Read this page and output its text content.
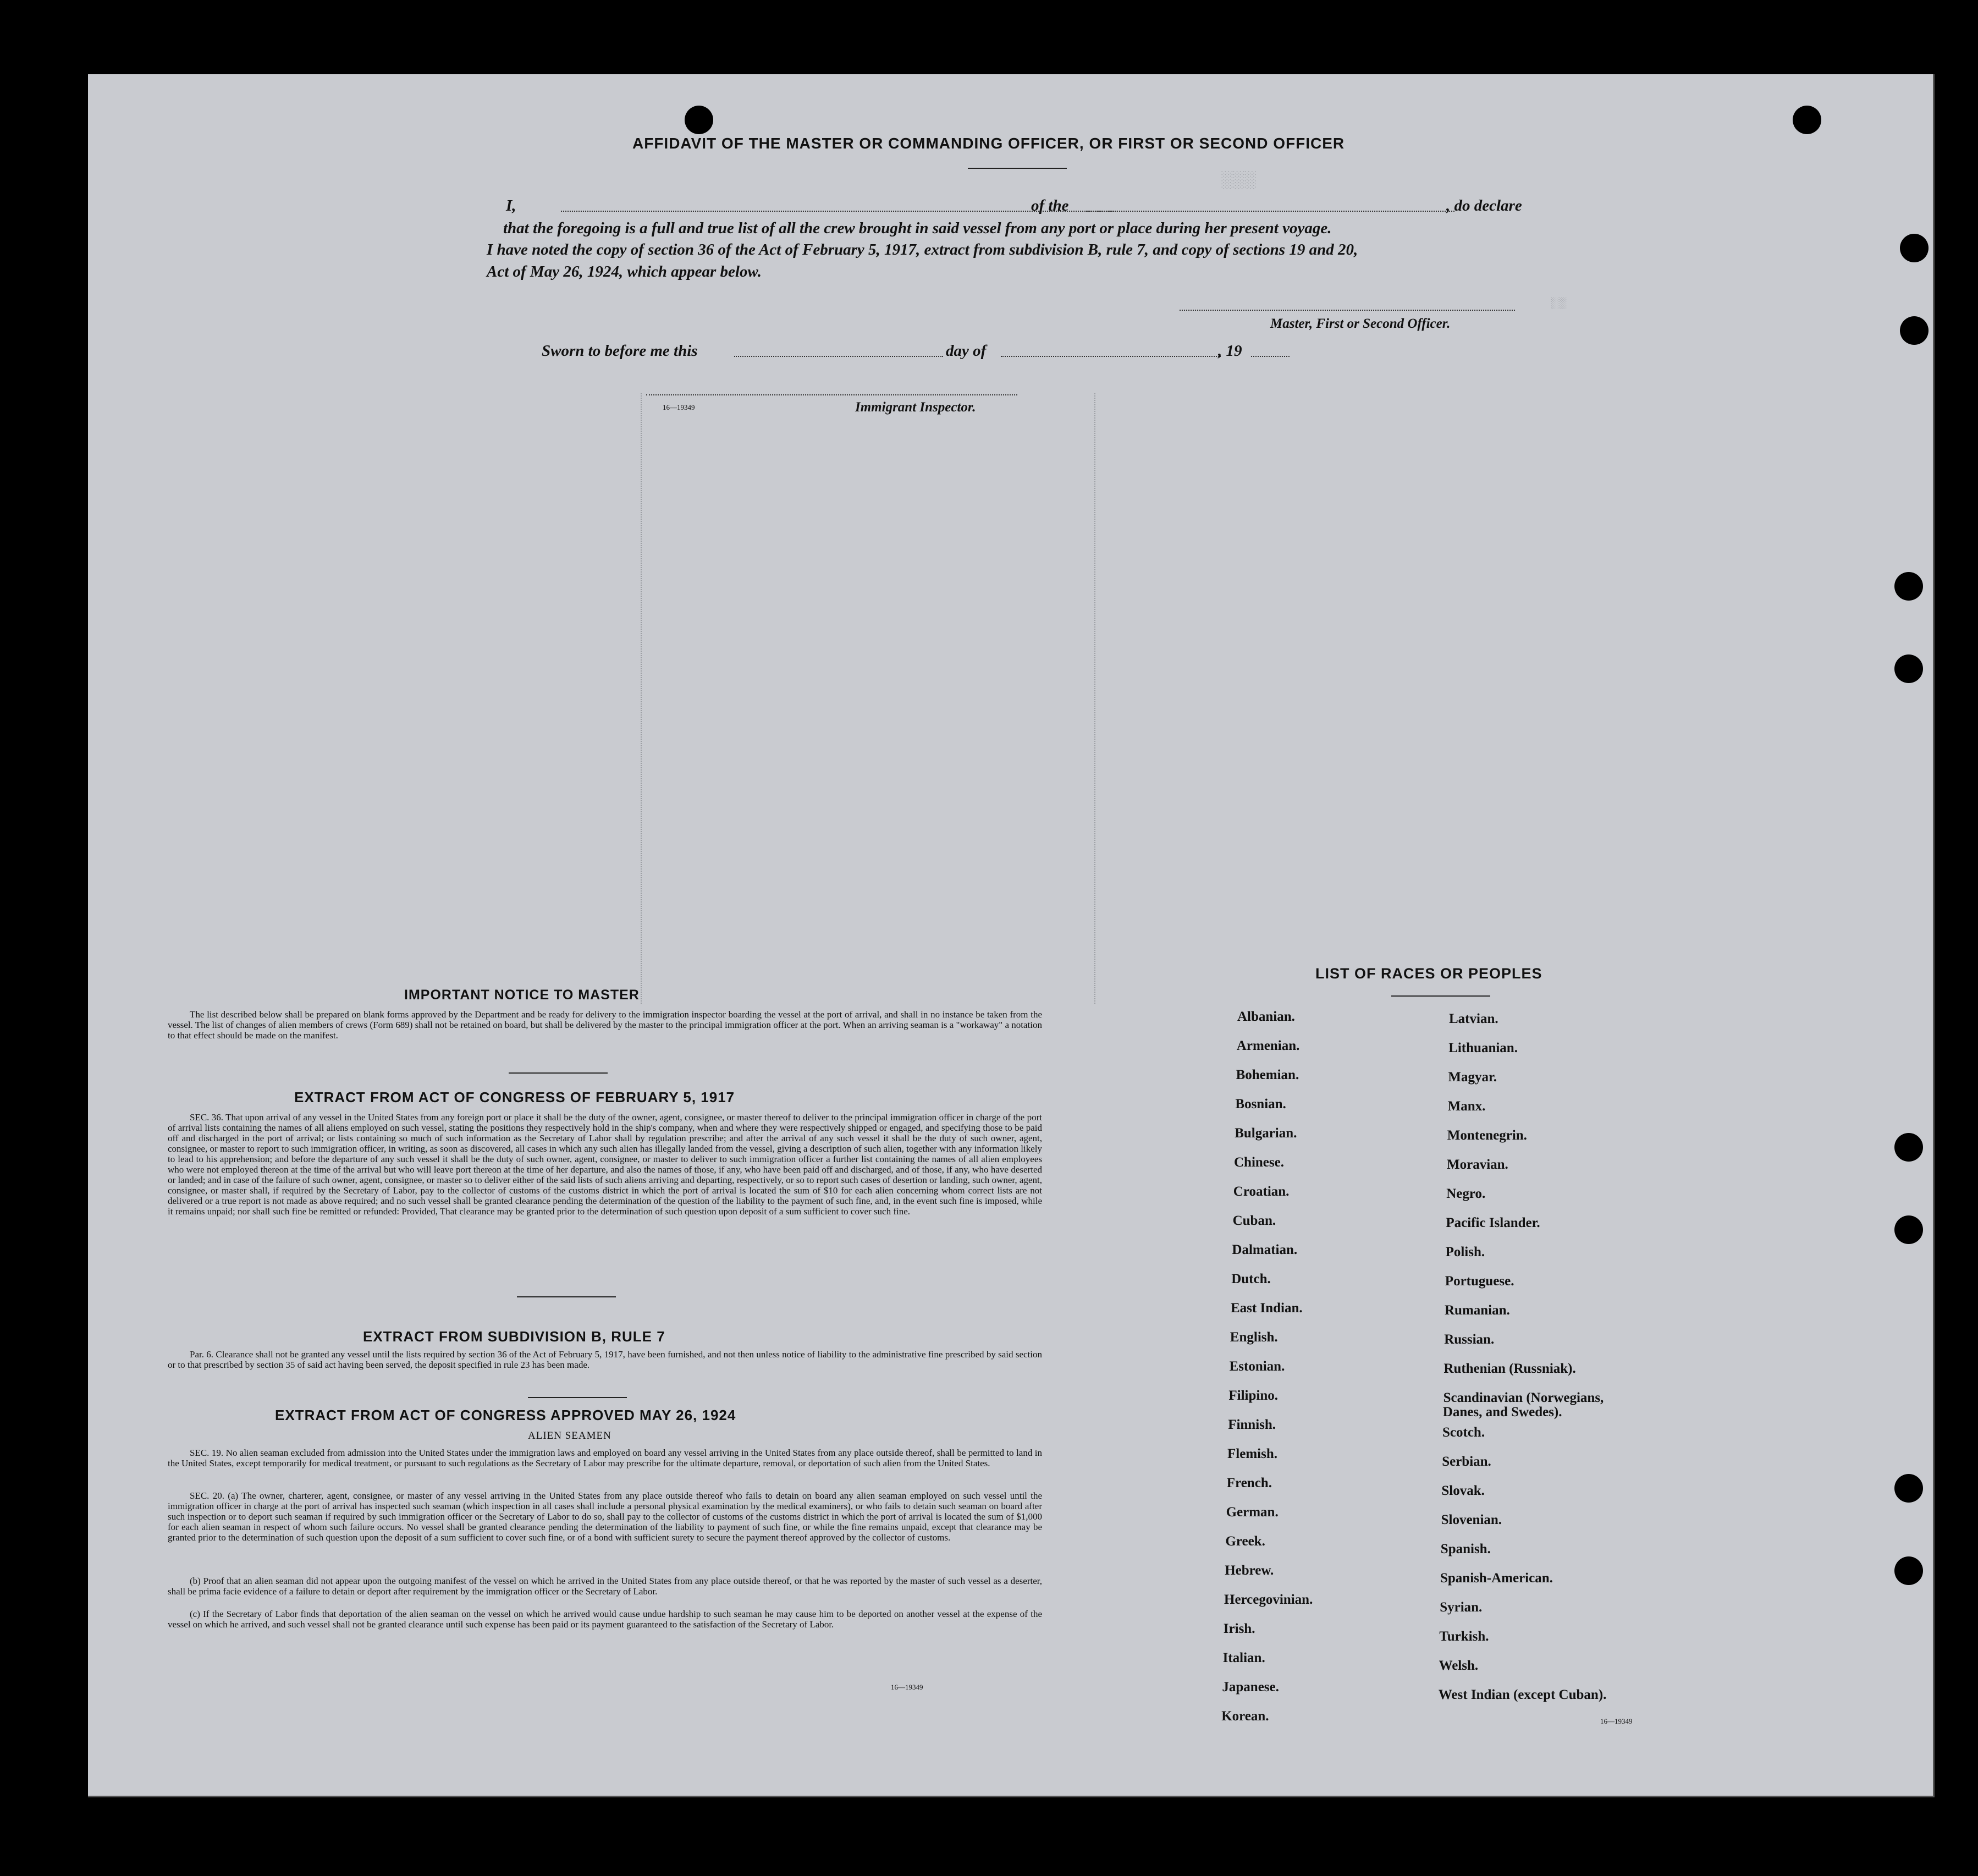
░░░
░░
AFFIDAVIT OF THE MASTER OR COMMANDING OFFICER, OR FIRST OR SECOND OFFICER
I,	of the	, do declare
that the foregoing is a full and true list of all the crew brought in said vessel from any port or place during her present voyage.
I have noted the copy of section 36 of the Act of February 5, 1917, extract from subdivision B, rule 7, and copy of sections 19 and 20,
Act of May 26, 1924, which appear below.
Master, First or Second Officer.
Sworn to before me this	day of	, 19
16—19349	Immigrant Inspector.
IMPORTANT NOTICE TO MASTER
The list described below shall be prepared on blank forms approved by the Department and be ready for delivery to the immigration inspector boarding the vessel at the port of arrival, and shall in no instance be taken from the vessel. The list of changes of alien members of crews (Form 689) shall not be retained on board, but shall be delivered by the master to the principal immigration officer at the port. When an arriving seaman is a "workaway" a notation to that effect should be made on the manifest.
EXTRACT FROM ACT OF CONGRESS OF FEBRUARY 5, 1917
SEC. 36. That upon arrival of any vessel in the United States from any foreign port or place it shall be the duty of the owner, agent, consignee, or master thereof to deliver to the principal immigration officer in charge of the port of arrival lists containing the names of all aliens employed on such vessel, stating the positions they respectively hold in the ship's company, when and where they were respectively shipped or engaged, and specifying those to be paid off and discharged in the port of arrival; or lists containing so much of such information as the Secretary of Labor shall by regulation prescribe; and after the arrival of any such vessel it shall be the duty of such owner, agent, consignee, or master to report to such immigration officer, in writing, as soon as discovered, all cases in which any such alien has illegally landed from the vessel, giving a description of such alien, together with any information likely to lead to his apprehension; and before the departure of any such vessel it shall be the duty of such owner, agent, consignee, or master to deliver to such immigration officer a further list containing the names of all alien employees who were not employed thereon at the time of the arrival but who will leave port thereon at the time of her departure, and also the names of those, if any, who have been paid off and discharged, and of those, if any, who have deserted or landed; and in case of the failure of such owner, agent, consignee, or master so to deliver either of the said lists of such aliens arriving and departing, respectively, or so to report such cases of desertion or landing, such owner, agent, consignee, or master shall, if required by the Secretary of Labor, pay to the collector of customs of the customs district in which the port of arrival is located the sum of $10 for each alien concerning whom correct lists are not delivered or a true report is not made as above required; and no such vessel shall be granted clearance pending the determination of the question of the liability to the payment of such fine, and, in the event such fine is imposed, while it remains unpaid; nor shall such fine be remitted or refunded: Provided, That clearance may be granted prior to the determination of such question upon deposit of a sum sufficient to cover such fine.
EXTRACT FROM SUBDIVISION B, RULE 7
Par. 6. Clearance shall not be granted any vessel until the lists required by section 36 of the Act of February 5, 1917, have been furnished, and not then unless notice of liability to the administrative fine prescribed by said section or to that prescribed by section 35 of said act having been served, the deposit specified in rule 23 has been made.
EXTRACT FROM ACT OF CONGRESS APPROVED MAY 26, 1924
ALIEN SEAMEN
SEC. 19. No alien seaman excluded from admission into the United States under the immigration laws and employed on board any vessel arriving in the United States from any place outside thereof, shall be permitted to land in the United States, except temporarily for medical treatment, or pursuant to such regulations as the Secretary of Labor may prescribe for the ultimate departure, removal, or deportation of such alien from the United States.
SEC. 20. (a) The owner, charterer, agent, consignee, or master of any vessel arriving in the United States from any place outside thereof who fails to detain on board any alien seaman employed on such vessel until the immigration officer in charge at the port of arrival has inspected such seaman (which inspection in all cases shall include a personal physical examination by the medical examiners), or who fails to detain such seaman on board after such inspection or to deport such seaman if required by such immigration officer or the Secretary of Labor to do so, shall pay to the collector of customs of the customs district in which the port of arrival is located the sum of $1,000 for each alien seaman in respect of whom such failure occurs. No vessel shall be granted clearance pending the determination of the liability to payment of such fine, or while the fine remains unpaid, except that clearance may be granted prior to the determination of such question upon the deposit of a sum sufficient to cover such fine, or of a bond with sufficient surety to secure the payment thereof approved by the collector of customs.
(b) Proof that an alien seaman did not appear upon the outgoing manifest of the vessel on which he arrived in the United States from any place outside thereof, or that he was reported by the master of such vessel as a deserter, shall be prima facie evidence of a failure to detain or deport after requirement by the immigration officer or the Secretary of Labor.
(c) If the Secretary of Labor finds that deportation of the alien seaman on the vessel on which he arrived would cause undue hardship to such seaman he may cause him to be deported on another vessel at the expense of the vessel on which he arrived, and such vessel shall not be granted clearance until such expense has been paid or its payment guaranteed to the satisfaction of the Secretary of Labor.
16—19349
LIST OF RACES OR PEOPLES
16—19349
Albanian.
Armenian.
Bohemian.
Bosnian.
Bulgarian.
Chinese.
Croatian.
Cuban.
Dalmatian.
Dutch.
East Indian.
English.
Estonian.
Filipino.
Finnish.
Flemish.
French.
German.
Greek.
Hebrew.
Hercegovinian.
Irish.
Italian.
Japanese.
Korean.
Latvian.
Lithuanian.
Magyar.
Manx.
Montenegrin.
Moravian.
Negro.
Pacific Islander.
Polish.
Portuguese.
Rumanian.
Russian.
Ruthenian (Russniak).
Scandinavian (Norwegians,
Danes, and Swedes).
Scotch.
Serbian.
Slovak.
Slovenian.
Spanish.
Spanish-American.
Syrian.
Turkish.
Welsh.
West Indian (except Cuban).
